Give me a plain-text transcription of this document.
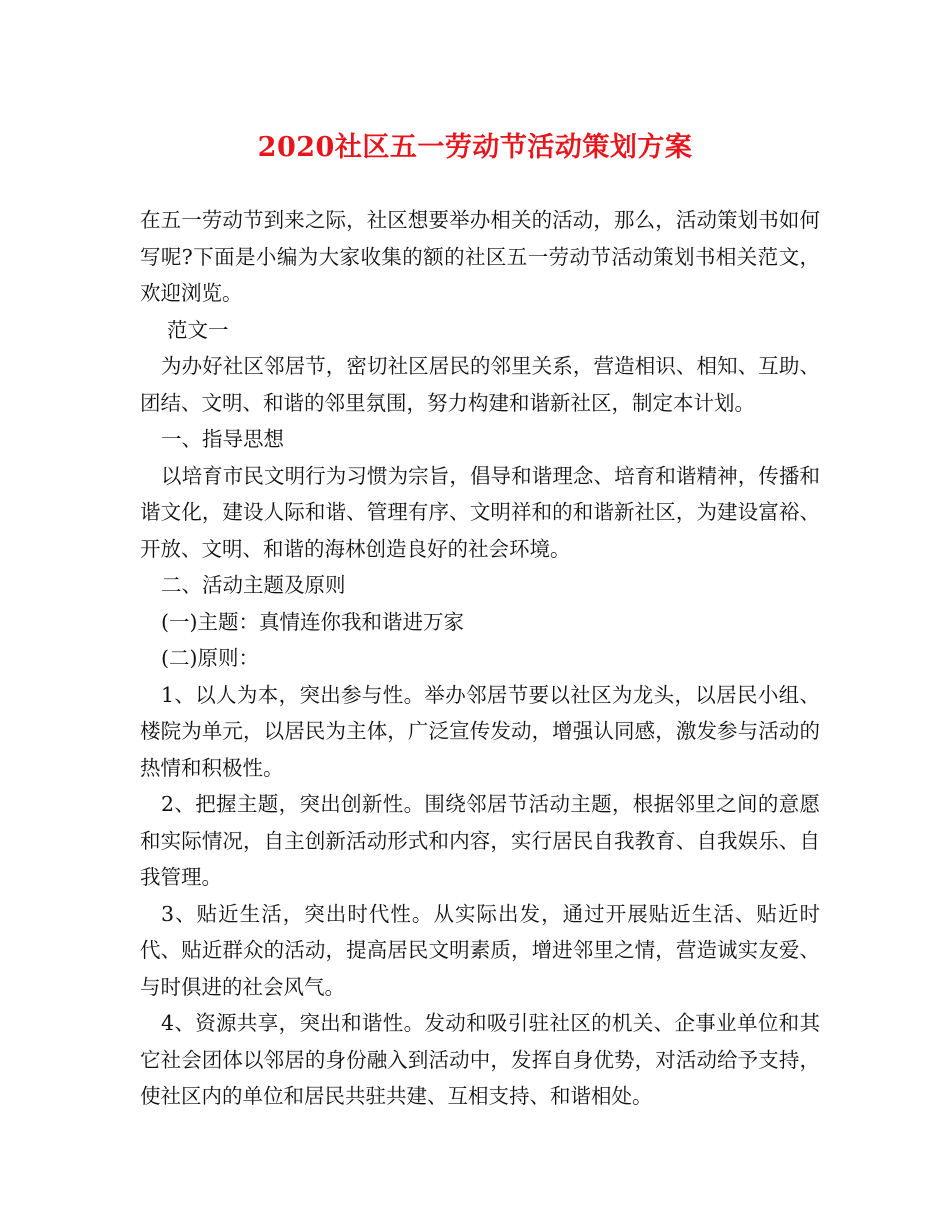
2020社区五一劳动节活动策划方案

在五一劳动节到来之际，社区想要举办相关的活动，那么，活动策划书如何写呢?下面是小编为大家收集的额的社区五一劳动节活动策划书相关范文，欢迎浏览。

范文一

为办好社区邻居节，密切社区居民的邻里关系，营造相识、相知、互助、团结、文明、和谐的邻里氛围，努力构建和谐新社区，制定本计划。

一、指导思想

以培育市民文明行为习惯为宗旨，倡导和谐理念、培育和谐精神，传播和谐文化，建设人际和谐、管理有序、文明祥和的和谐新社区，为建设富裕、开放、文明、和谐的海林创造良好的社会环境。

二、活动主题及原则

(一)主题：真情连你我和谐进万家

(二)原则：

1、以人为本，突出参与性。举办邻居节要以社区为龙头，以居民小组、楼院为单元，以居民为主体，广泛宣传发动，增强认同感，激发参与活动的热情和积极性。

2、把握主题，突出创新性。围绕邻居节活动主题，根据邻里之间的意愿和实际情况，自主创新活动形式和内容，实行居民自我教育、自我娱乐、自我管理。

3、贴近生活，突出时代性。从实际出发，通过开展贴近生活、贴近时代、贴近群众的活动，提高居民文明素质，增进邻里之情，营造诚实友爱、与时俱进的社会风气。

4、资源共享，突出和谐性。发动和吸引驻社区的机关、企事业单位和其它社会团体以邻居的身份融入到活动中，发挥自身优势，对活动给予支持，使社区内的单位和居民共驻共建、互相支持、和谐相处。
